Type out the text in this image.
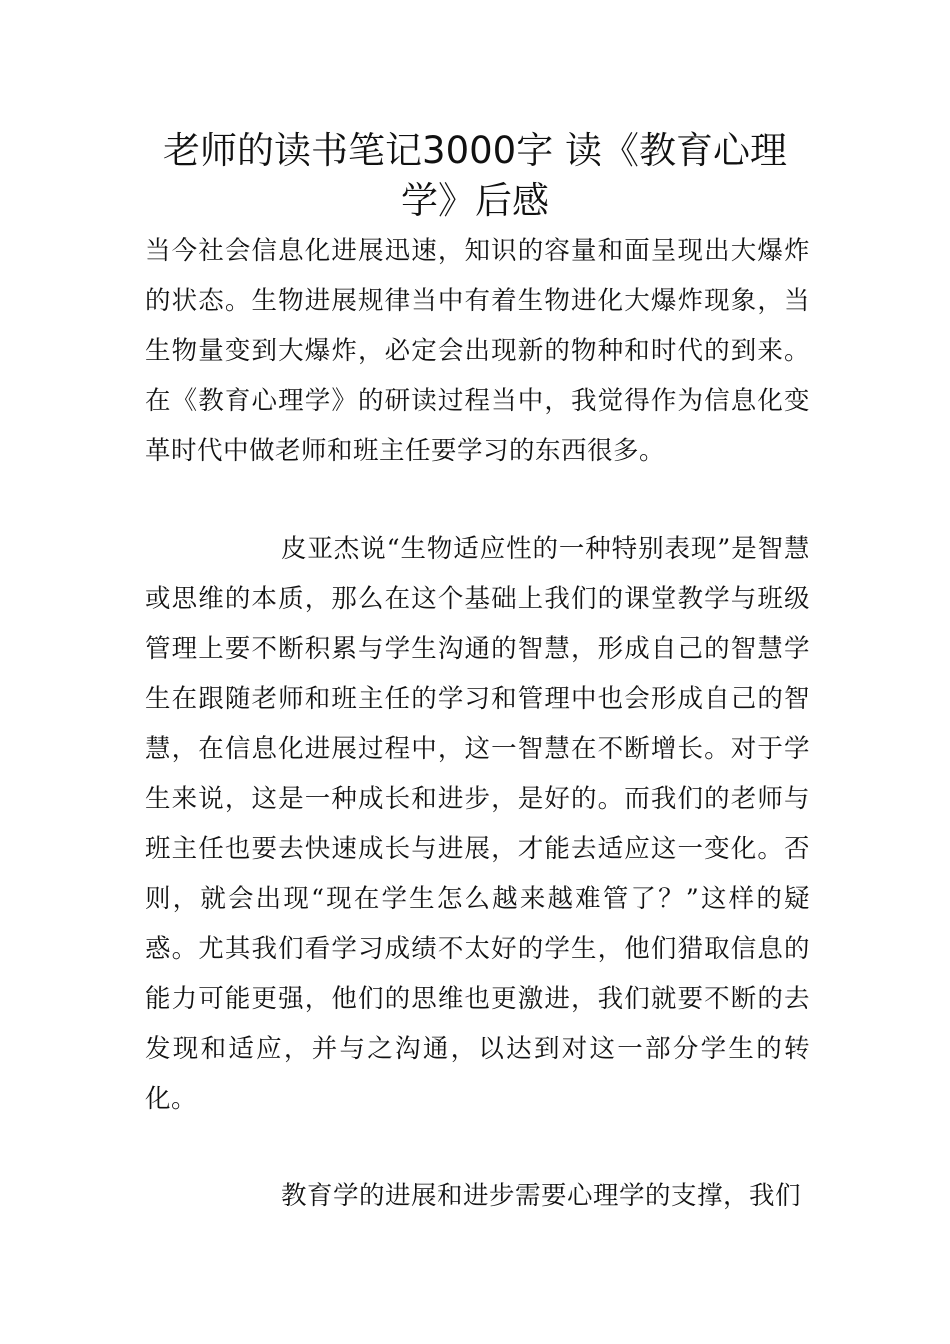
老师的读书笔记3000字 读《教育心理学》后感

当今社会信息化进展迅速，知识的容量和面呈现出大爆炸的状态。生物进展规律当中有着生物进化大爆炸现象，当生物量变到大爆炸，必定会出现新的物种和时代的到来。在《教育心理学》的研读过程当中，我觉得作为信息化变革时代中做老师和班主任要学习的东西很多。

皮亚杰说“生物适应性的一种特别表现”是智慧或思维的本质，那么在这个基础上我们的课堂教学与班级管理上要不断积累与学生沟通的智慧，形成自己的智慧学生在跟随老师和班主任的学习和管理中也会形成自己的智慧，在信息化进展过程中，这一智慧在不断增长。对于学生来说，这是一种成长和进步，是好的。而我们的老师与班主任也要去快速成长与进展，才能去适应这一变化。否则，就会出现“现在学生怎么越来越难管了？”这样的疑惑。尤其我们看学习成绩不太好的学生，他们猎取信息的能力可能更强，他们的思维也更激进，我们就要不断的去发现和适应，并与之沟通，以达到对这一部分学生的转化。

教育学的进展和进步需要心理学的支撑，我们
